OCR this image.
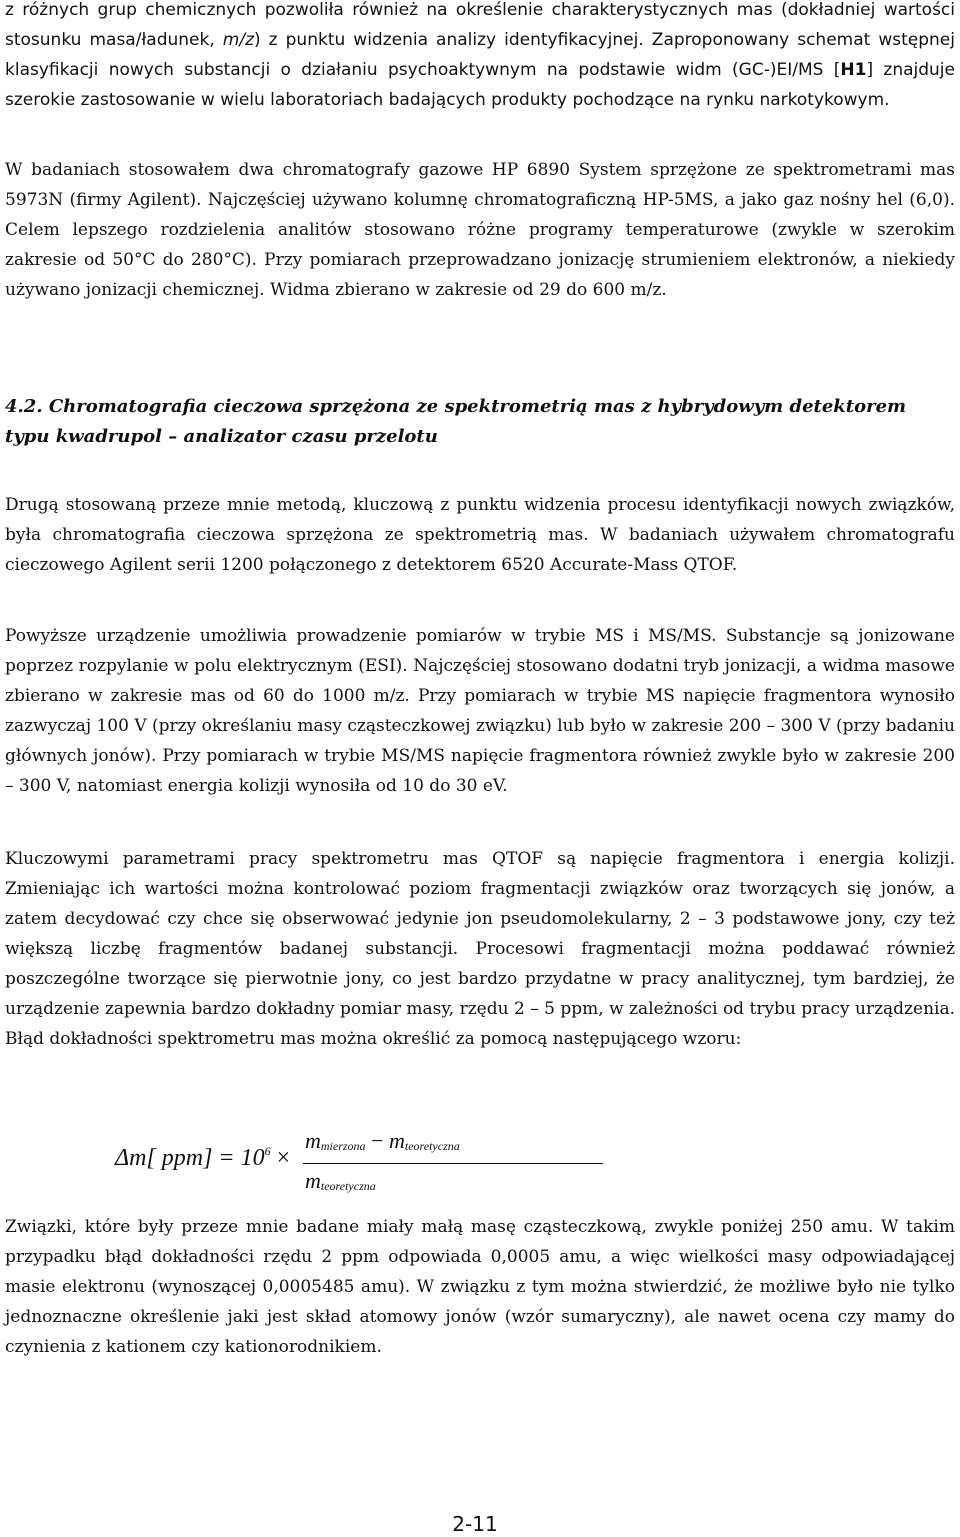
z różnych grup chemicznych pozwoliła również na określenie charakterystycznych mas (dokładniej wartości stosunku masa/ładunek, m/z) z punktu widzenia analizy identyfikacyjnej. Zaproponowany schemat wstępnej klasyfikacji nowych substancji o działaniu psychoaktywnym na podstawie widm (GC-)EI/MS [H1] znajduje szerokie zastosowanie w wielu laboratoriach badających produkty pochodzące na rynku narkotykowym.

W badaniach stosowałem dwa chromatografy gazowe HP 6890 System sprzężone ze spektrometrami mas 5973N (firmy Agilent). Najczęściej używano kolumnę chromatograficzną HP-5MS, a jako gaz nośny hel (6,0). Celem lepszego rozdzielenia analitów stosowano różne programy temperaturowe (zwykle w szerokim zakresie od 50°C do 280°C). Przy pomiarach przeprowadzano jonizację strumieniem elektronów, a niekiedy używano jonizacji chemicznej. Widma zbierano w zakresie od 29 do 600 m/z.

4.2. Chromatografia cieczowa sprzężona ze spektrometrią mas z hybrydowym detektorem typu kwadrupol – analizator czasu przelotu

Drugą stosowaną przeze mnie metodą, kluczową z punktu widzenia procesu identyfikacji nowych związków, była chromatografia cieczowa sprzężona ze spektrometrią mas. W badaniach używałem chromatografu cieczowego Agilent serii 1200 połączonego z detektorem 6520 Accurate-Mass QTOF.

Powyższe urządzenie umożliwia prowadzenie pomiarów w trybie MS i MS/MS. Substancje są jonizowane poprzez rozpylanie w polu elektrycznym (ESI). Najczęściej stosowano dodatni tryb jonizacji, a widma masowe zbierano w zakresie mas od 60 do 1000 m/z. Przy pomiarach w trybie MS napięcie fragmentora wynosiło zazwyczaj 100 V (przy określaniu masy cząsteczkowej związku) lub było w zakresie 200 – 300 V (przy badaniu głównych jonów). Przy pomiarach w trybie MS/MS napięcie fragmentora również zwykle było w zakresie 200 – 300 V, natomiast energia kolizji wynosiła od 10 do 30 eV.

Kluczowymi parametrami pracy spektrometru mas QTOF są napięcie fragmentora i energia kolizji. Zmieniając ich wartości można kontrolować poziom fragmentacji związków oraz tworzących się jonów, a zatem decydować czy chce się obserwować jedynie jon pseudomolekularny, 2 – 3 podstawowe jony, czy też większą liczbę fragmentów badanej substancji. Procesowi fragmentacji można poddawać również poszczególne tworzące się pierwotnie jony, co jest bardzo przydatne w pracy analitycznej, tym bardziej, że urządzenie zapewnia bardzo dokładny pomiar masy, rzędu 2 – 5 ppm, w zależności od trybu pracy urządzenia. Błąd dokładności spektrometru mas można określić za pomocą następującego wzoru:

Δm[ $ppm] = 10^6$ ×
mmierzona − mteoretyczna
mteoretyczna

Związki, które były przeze mnie badane miały małą masę cząsteczkową, zwykle poniżej 250 amu. W takim przypadku błąd dokładności rzędu 2 ppm odpowiada 0,0005 amu, a więc wielkości masy odpowiadającej masie elektronu (wynoszącej 0,0005485 amu). W związku z tym można stwierdzić, że możliwe było nie tylko jednoznaczne określenie jaki jest skład atomowy jonów (wzór sumaryczny), ale nawet ocena czy mamy do czynienia z kationem czy kationorodnikiem.

2-11
